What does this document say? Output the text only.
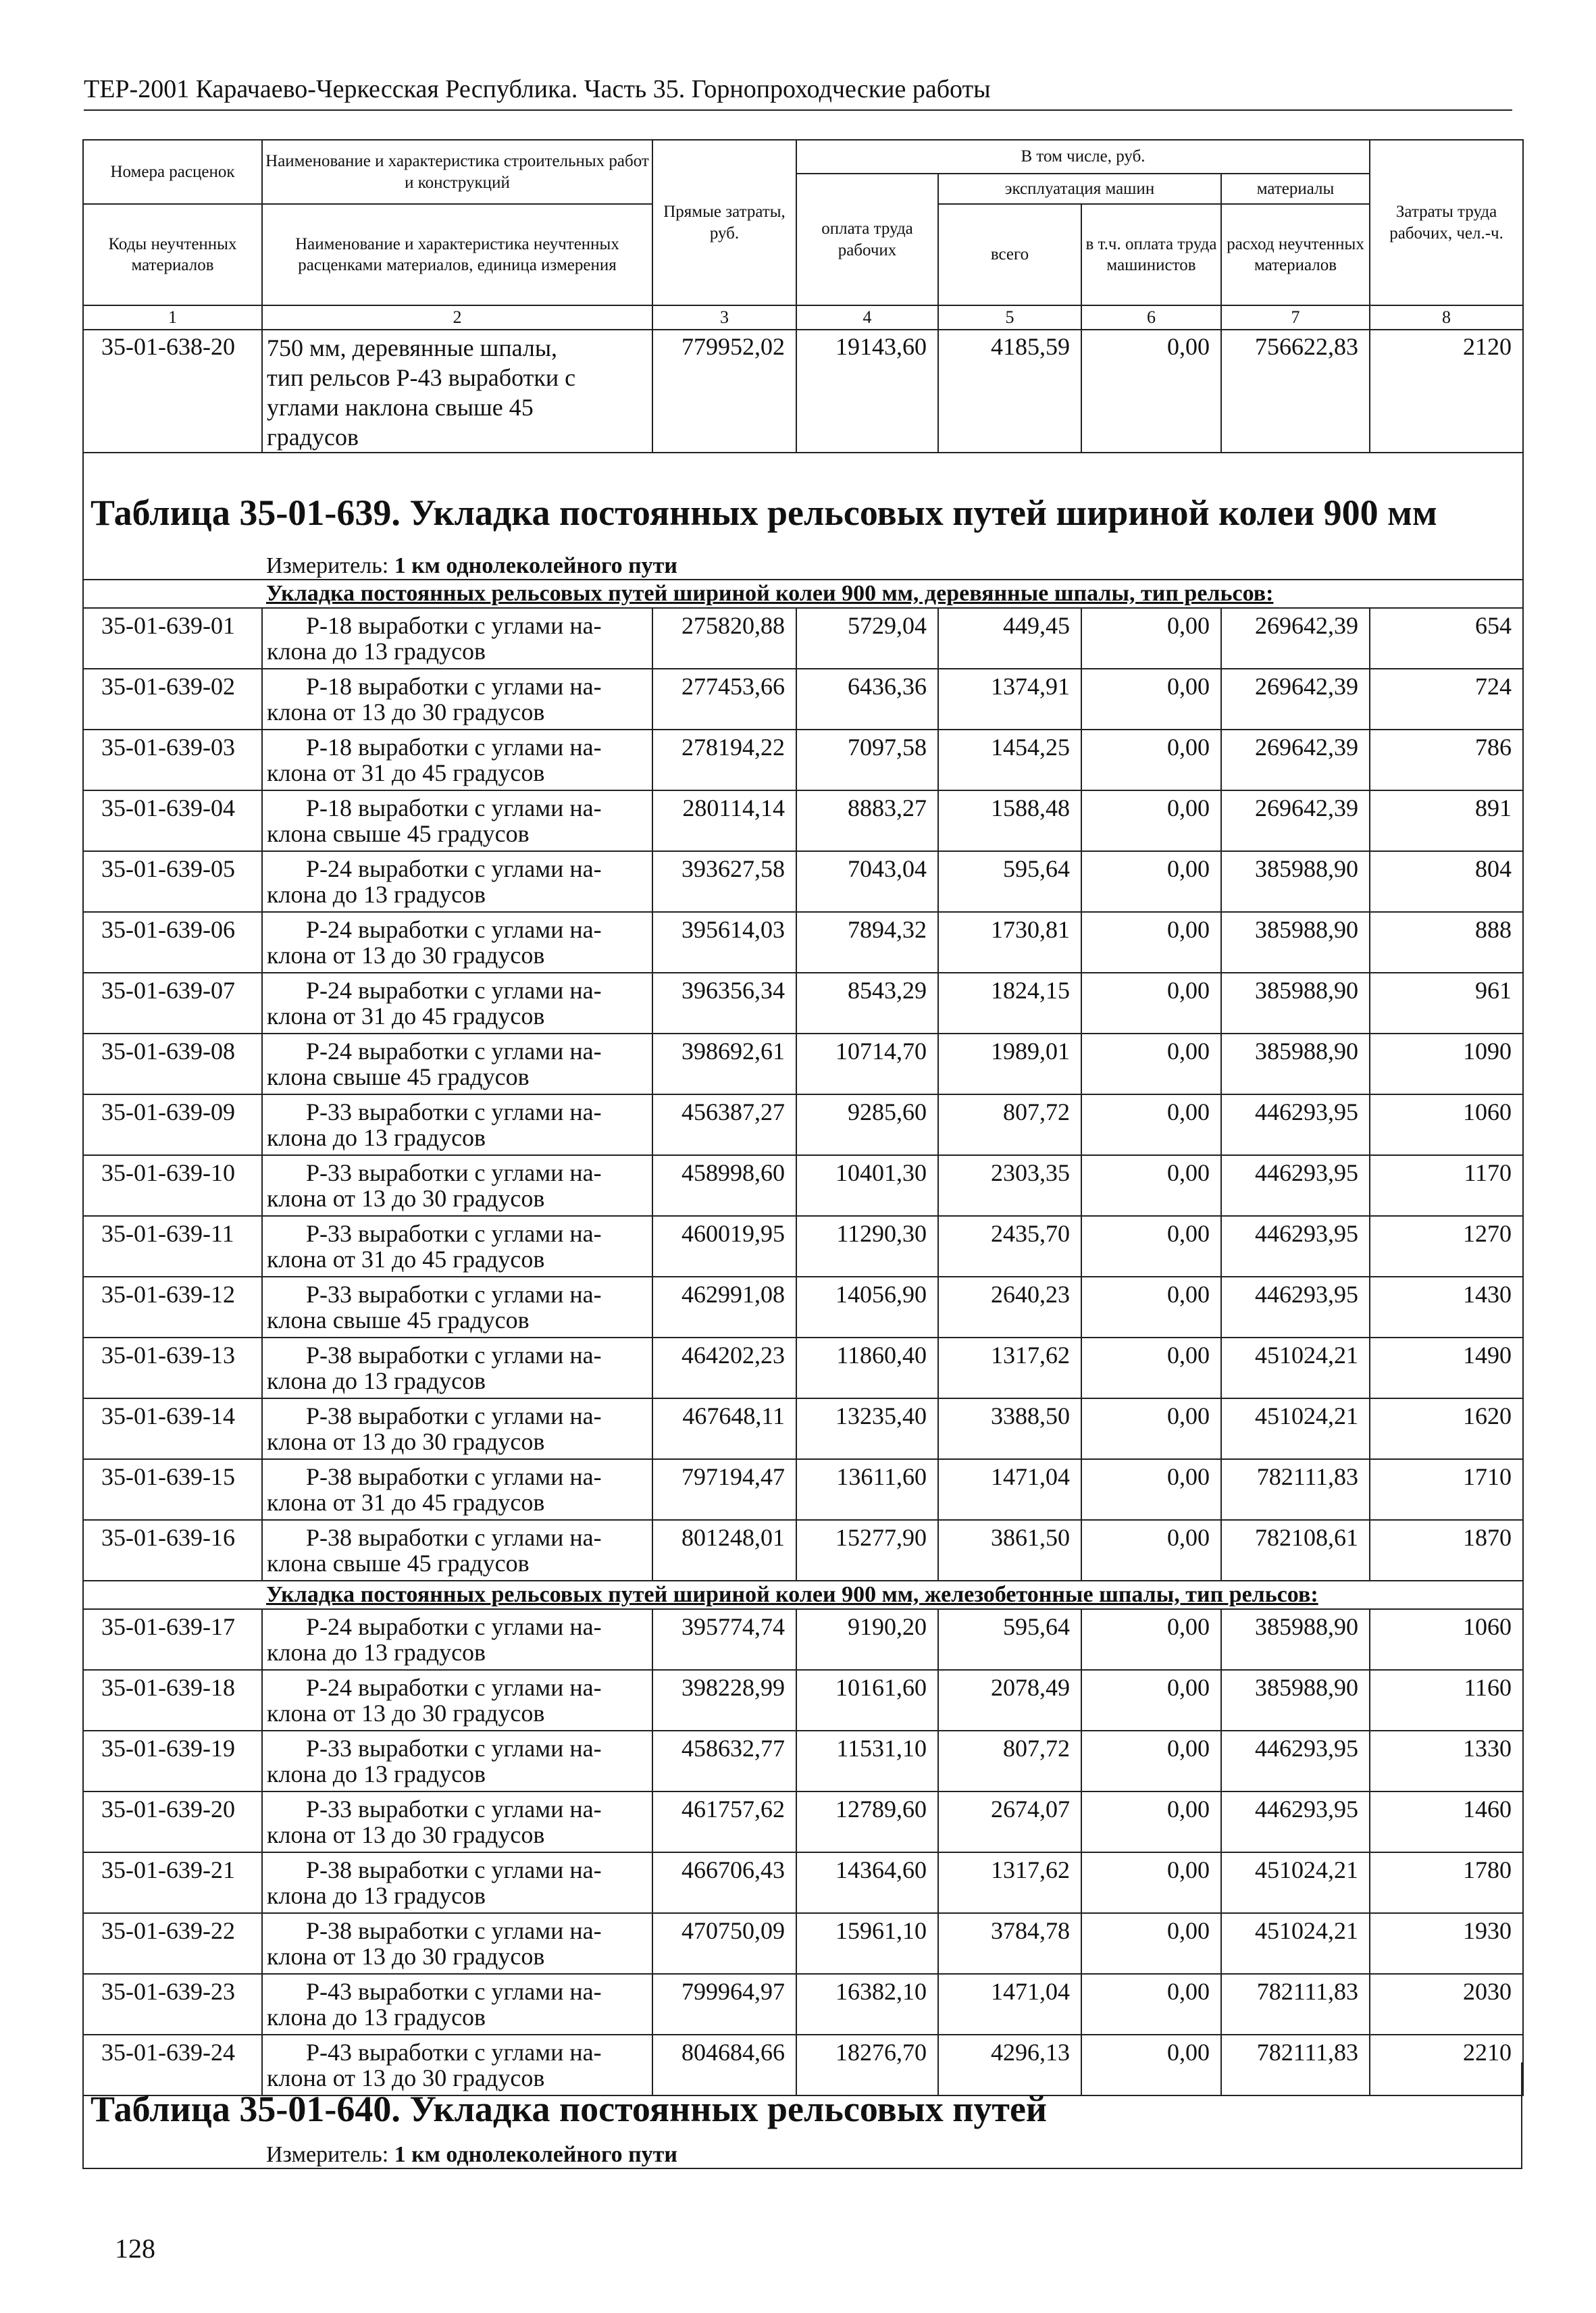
ТЕР-2001 Карачаево-Черкесская Республика. Часть 35. Горнопроходческие работы
Номера расценок	Наименование и характеристика строительных работ и конструкций	Прямые затраты, руб.	В том числе, руб.				Затраты труда рабочих, чел.-ч.
			оплата труда рабочих	эксплуатация машин		материалы	
Коды неучтенных материалов	Наименование и характеристика неучтенных расценками материалов, единица измерения			всего	в т.ч. оплата труда машинистов	расход неучтенных материалов	
1	2	3	4	5	6	7	8
35-01-638-20	750 мм, деревянные шпалы,
тип рельсов Р-43 выработки с
углами наклона свыше 45
градусов	779952,02	19143,60	4185,59	0,00	756622,83	2120

Таблица 35-01-639. Укладка постоянных рельсовых путей шириной колеи 900 мм							

Измеритель: 1 км однолеколейного пути							
Укладка постоянных рельсовых путей шириной колеи 900 мм, деревянные шпалы, тип рельсов:							
35-01-639-01	Р-18 выработки с углами на-
клона до 13 градусов	275820,88	5729,04	449,45	0,00	269642,39	654
35-01-639-02	Р-18 выработки с углами на-
клона от 13 до 30 градусов	277453,66	6436,36	1374,91	0,00	269642,39	724
35-01-639-03	Р-18 выработки с углами на-
клона от 31 до 45 градусов	278194,22	7097,58	1454,25	0,00	269642,39	786
35-01-639-04	Р-18 выработки с углами на-
клона свыше 45 градусов	280114,14	8883,27	1588,48	0,00	269642,39	891
35-01-639-05	Р-24 выработки с углами на-
клона до 13 градусов	393627,58	7043,04	595,64	0,00	385988,90	804
35-01-639-06	Р-24 выработки с углами на-
клона от 13 до 30 градусов	395614,03	7894,32	1730,81	0,00	385988,90	888
35-01-639-07	Р-24 выработки с углами на-
клона от 31 до 45 градусов	396356,34	8543,29	1824,15	0,00	385988,90	961
35-01-639-08	Р-24 выработки с углами на-
клона свыше 45 градусов	398692,61	10714,70	1989,01	0,00	385988,90	1090
35-01-639-09	Р-33 выработки с углами на-
клона до 13 градусов	456387,27	9285,60	807,72	0,00	446293,95	1060
35-01-639-10	Р-33 выработки с углами на-
клона от 13 до 30 градусов	458998,60	10401,30	2303,35	0,00	446293,95	1170
35-01-639-11	Р-33 выработки с углами на-
клона от 31 до 45 градусов	460019,95	11290,30	2435,70	0,00	446293,95	1270
35-01-639-12	Р-33 выработки с углами на-
клона свыше 45 градусов	462991,08	14056,90	2640,23	0,00	446293,95	1430
35-01-639-13	Р-38 выработки с углами на-
клона до 13 градусов	464202,23	11860,40	1317,62	0,00	451024,21	1490
35-01-639-14	Р-38 выработки с углами на-
клона от 13 до 30 градусов	467648,11	13235,40	3388,50	0,00	451024,21	1620
35-01-639-15	Р-38 выработки с углами на-
клона от 31 до 45 градусов	797194,47	13611,60	1471,04	0,00	782111,83	1710
35-01-639-16	Р-38 выработки с углами на-
клона свыше 45 градусов	801248,01	15277,90	3861,50	0,00	782108,61	1870
Укладка постоянных рельсовых путей шириной колеи 900 мм, железобетонные шпалы, тип рельсов:							
35-01-639-17	Р-24 выработки с углами на-
клона до 13 градусов	395774,74	9190,20	595,64	0,00	385988,90	1060
35-01-639-18	Р-24 выработки с углами на-
клона от 13 до 30 градусов	398228,99	10161,60	2078,49	0,00	385988,90	1160
35-01-639-19	Р-33 выработки с углами на-
клона до 13 градусов	458632,77	11531,10	807,72	0,00	446293,95	1330
35-01-639-20	Р-33 выработки с углами на-
клона от 13 до 30 градусов	461757,62	12789,60	2674,07	0,00	446293,95	1460
35-01-639-21	Р-38 выработки с углами на-
клона до 13 градусов	466706,43	14364,60	1317,62	0,00	451024,21	1780
35-01-639-22	Р-38 выработки с углами на-
клона от 13 до 30 градусов	470750,09	15961,10	3784,78	0,00	451024,21	1930
35-01-639-23	Р-43 выработки с углами на-
клона до 13 градусов	799964,97	16382,10	1471,04	0,00	782111,83	2030
35-01-639-24	Р-43 выработки с углами на-
клона от 13 до 30 градусов	804684,66	18276,70	4296,13	0,00	782111,83	2210
Таблица 35-01-640. Укладка постоянных рельсовых путей

Измеритель: 1 км однолеколейного пути
128
